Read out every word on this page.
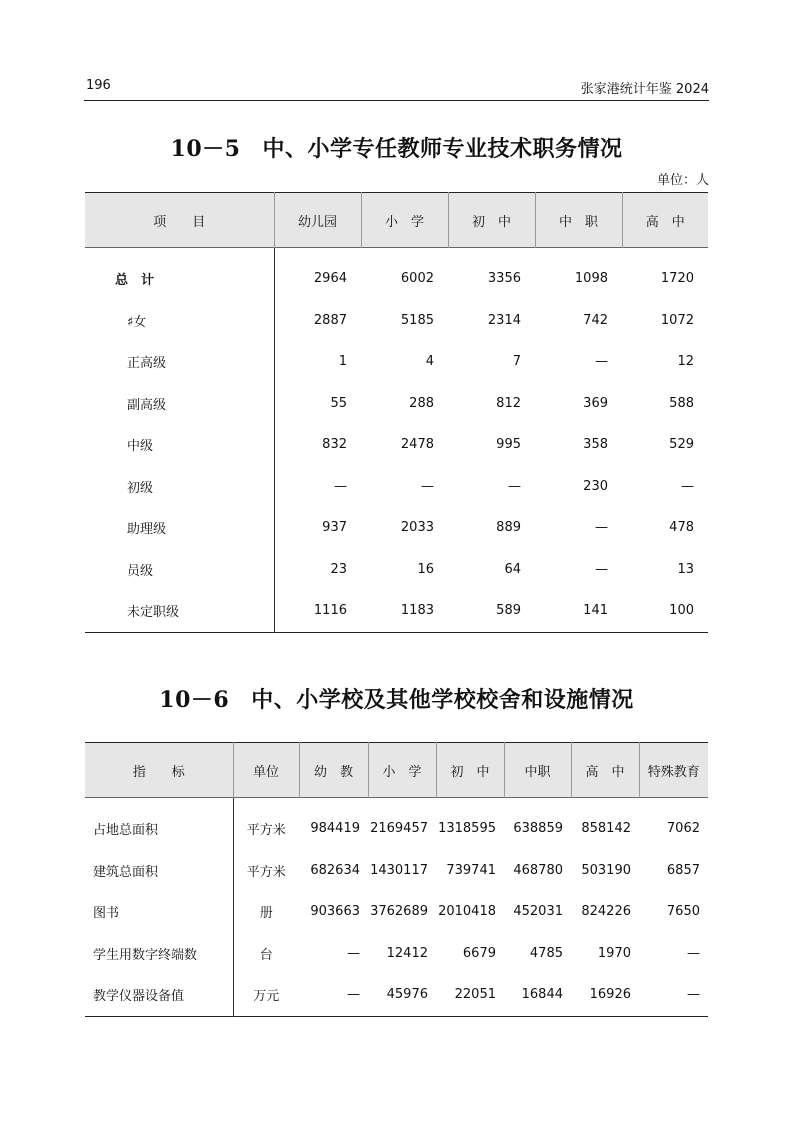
196	张家港统计年鉴 2024
10－5 中、小学专任教师专业技术职务情况
单位：人
项　　目	幼儿园	小　学	初　中	中　职	高　中
总　计	2964	6002	3356	1098	1720
♯女	2887	5185	2314	742	1072
正高级	1	4	7	—	12
副高级	55	288	812	369	588
中级	832	2478	995	358	529
初级	—	—	—	230	—
助理级	937	2033	889	—	478
员级	23	16	64	—	13
未定职级	1116	1183	589	141	100
10－6 中、小学校及其他学校校舍和设施情况
指　　标	单位	幼　教	小　学	初　中	中职	高　中	特殊教育
占地总面积	平方米	984419	2169457	1318595	638859	858142	7062
建筑总面积	平方米	682634	1430117	739741	468780	503190	6857
图书	册	903663	3762689	2010418	452031	824226	7650
学生用数字终端数	台	—	12412	6679	4785	1970	—
教学仪器设备值	万元	—	45976	22051	16844	16926	—
